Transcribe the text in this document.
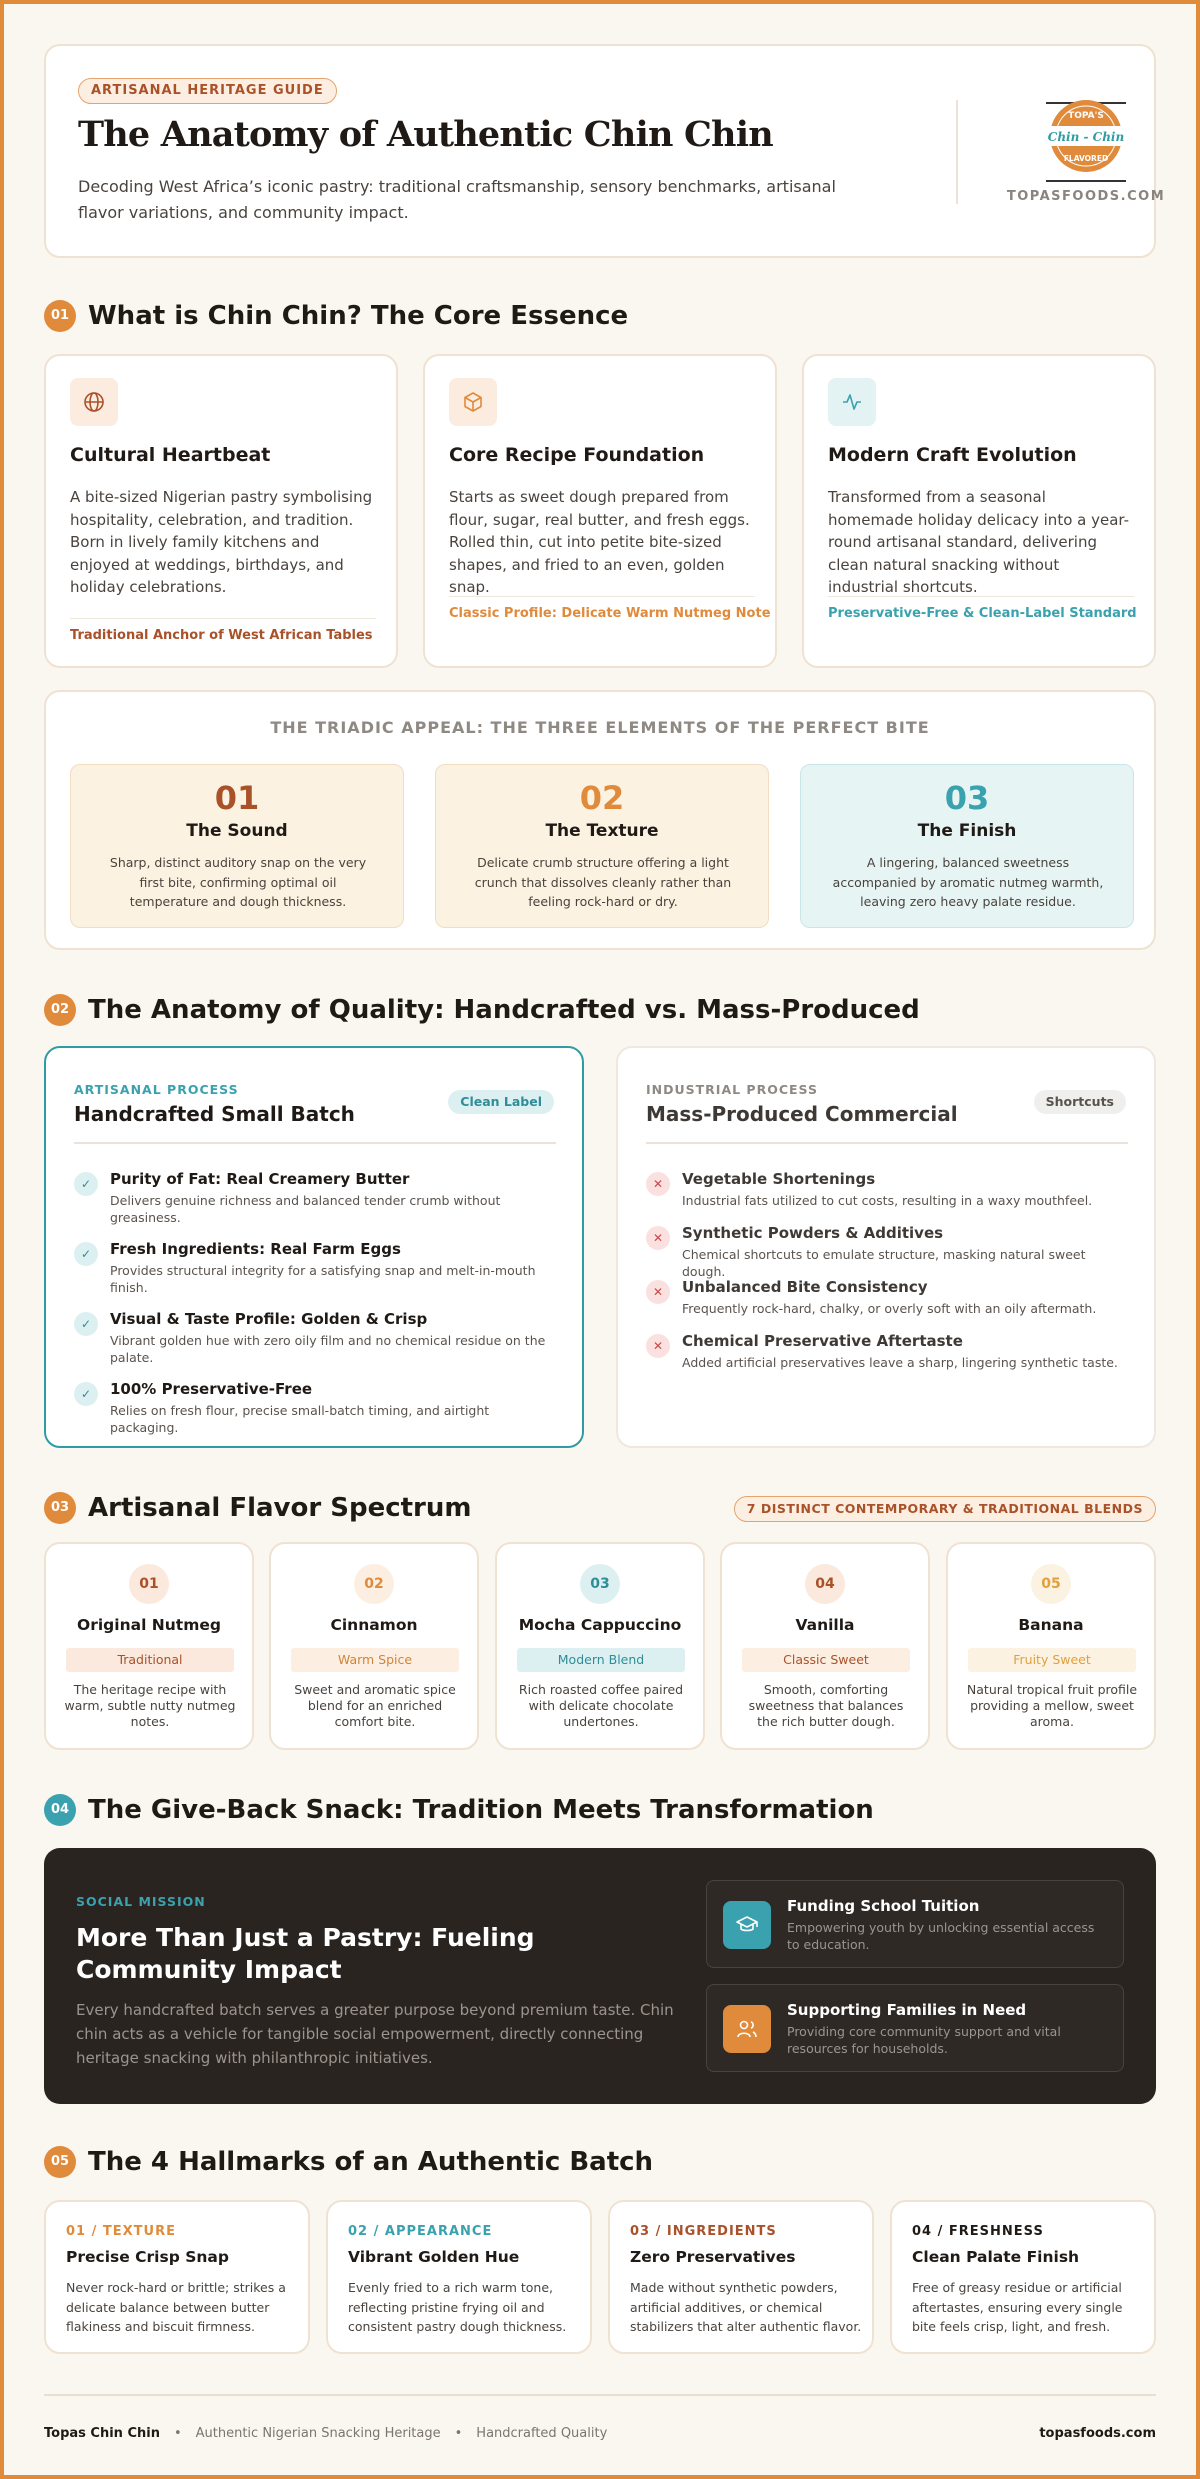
ARTISANAL HERITAGE GUIDE
The Anatomy of Authentic Chin Chin
Decoding West Africa’s iconic pastry: traditional craftsmanship, sensory benchmarks, artisanal flavor variations, and community impact.
TOPA'S
Chin - Chin
FLAVORED
TOPASFOODS.COM
01 What is Chin Chin? The Core Essence
Cultural Heartbeat

A bite-sized Nigerian pastry symbolising hospitality, celebration, and tradition. Born in lively family kitchens and enjoyed at weddings, birthdays, and holiday celebrations.

Traditional Anchor of West African Tables
Core Recipe Foundation

Starts as sweet dough prepared from flour, sugar, real butter, and fresh eggs. Rolled thin, cut into petite bite-sized shapes, and fried to an even, golden snap.

Classic Profile: Delicate Warm Nutmeg Note
Modern Craft Evolution

Transformed from a seasonal homemade holiday delicacy into a year-round artisanal standard, delivering clean natural snacking without industrial shortcuts.

Preservative-Free & Clean-Label Standard
THE TRIADIC APPEAL: THE THREE ELEMENTS OF THE PERFECT BITE
01
The Sound

Sharp, distinct auditory snap on the very first bite, confirming optimal oil temperature and dough thickness.

02
The Texture

Delicate crumb structure offering a light crunch that dissolves cleanly rather than feeling rock-hard or dry.

03
The Finish

A lingering, balanced sweetness accompanied by aromatic nutmeg warmth, leaving zero heavy palate residue.

02 The Anatomy of Quality: Handcrafted vs. Mass-Produced
ARTISANAL PROCESS
Handcrafted Small Batch
Clean Label
✓	Purity of Fat: Real Creamery Butter
Delivers genuine richness and balanced tender crumb without greasiness.
✓	Fresh Ingredients: Real Farm Eggs
Provides structural integrity for a satisfying snap and melt-in-mouth finish.
✓	Visual & Taste Profile: Golden & Crisp
Vibrant golden hue with zero oily film and no chemical residue on the palate.
✓	100% Preservative-Free
Relies on fresh flour, precise small-batch timing, and airtight packaging.
INDUSTRIAL PROCESS
Mass-Produced Commercial
Shortcuts
✕	Vegetable Shortenings
Industrial fats utilized to cut costs, resulting in a waxy mouthfeel.
✕	Synthetic Powders & Additives
Chemical shortcuts to emulate structure, masking natural sweet dough.
✕	Unbalanced Bite Consistency
Frequently rock-hard, chalky, or overly soft with an oily aftermath.
✕	Chemical Preservative Aftertaste
Added artificial preservatives leave a sharp, lingering synthetic taste.
03 Artisanal Flavor Spectrum	7 DISTINCT CONTEMPORARY & TRADITIONAL BLENDS
01
Original Nutmeg
Traditional

The heritage recipe with warm, subtle nutty nutmeg notes.

02
Cinnamon
Warm Spice

Sweet and aromatic spice blend for an enriched comfort bite.

03
Mocha Cappuccino
Modern Blend

Rich roasted coffee paired with delicate chocolate undertones.

04
Vanilla
Classic Sweet

Smooth, comforting sweetness that balances the rich butter dough.

05
Banana
Fruity Sweet

Natural tropical fruit profile providing a mellow, sweet aroma.

04 The Give-Back Snack: Tradition Meets Transformation
SOCIAL MISSION
More Than Just a Pastry: Fueling Community Impact

Every handcrafted batch serves a greater purpose beyond premium taste. Chin chin acts as a vehicle for tangible social empowerment, directly connecting heritage snacking with philanthropic initiatives.

Funding School Tuition
Empowering youth by unlocking essential access to education.
Supporting Families in Need
Providing core community support and vital resources for households.
05 The 4 Hallmarks of an Authentic Batch
01 / TEXTURE
Precise Crisp Snap

Never rock-hard or brittle; strikes a delicate balance between butter flakiness and biscuit firmness.

02 / APPEARANCE
Vibrant Golden Hue

Evenly fried to a rich warm tone, reflecting pristine frying oil and consistent pastry dough thickness.

03 / INGREDIENTS
Zero Preservatives

Made without synthetic powders, artificial additives, or chemical stabilizers that alter authentic flavor.

04 / FRESHNESS
Clean Palate Finish

Free of greasy residue or artificial aftertastes, ensuring every single bite feels crisp, light, and fresh.

Topas Chin Chin • Authentic Nigerian Snacking Heritage • Handcrafted Quality	topasfoods.com
